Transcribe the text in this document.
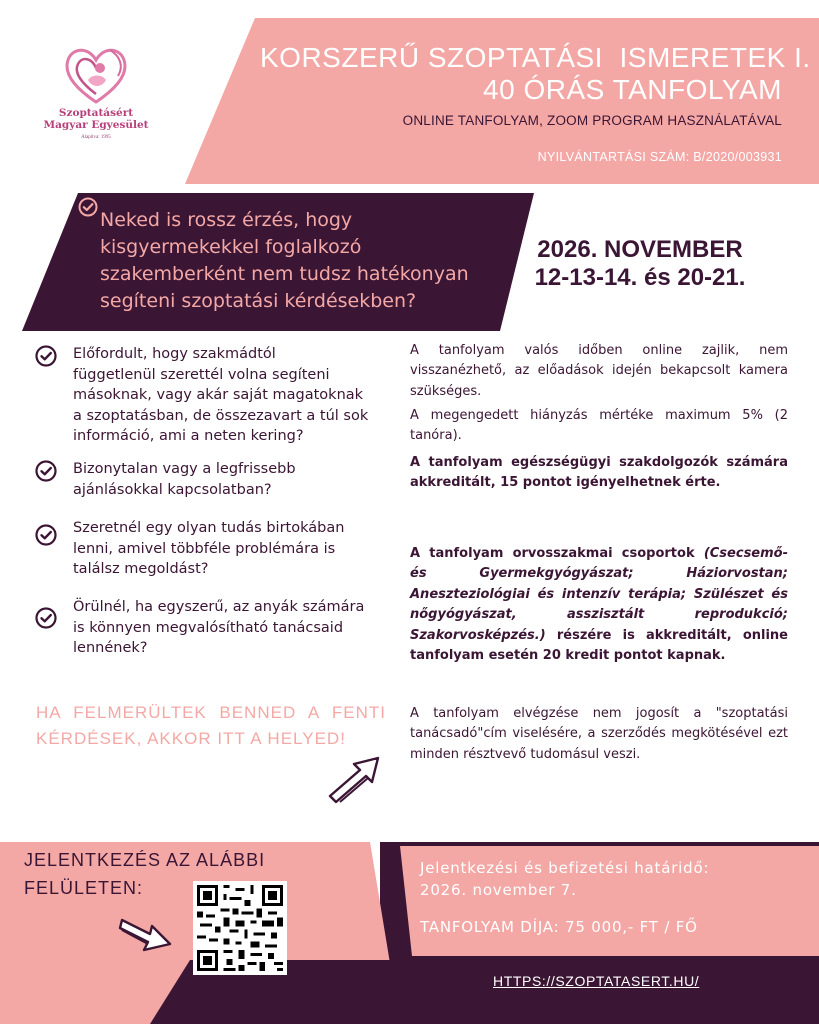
Szoptatásért
Magyar Egyesület
Alapítva: 1995
KORSZERŰ SZOPTATÁSI  ISMERETEK I.
40 ÓRÁS TANFOLYAM
ONLINE TANFOLYAM, ZOOM PROGRAM HASZNÁLATÁVAL
NYILVÁNTARTÁSI SZÁM: B/2020/003931
Neked is rossz érzés, hogy
kisgyermekekkel foglalkozó
szakemberként nem tudsz hatékonyan
segíteni szoptatási kérdésekben?
2026. NOVEMBER
12-13-14. és 20-21.
Előfordult, hogy szakmádtól
függetlenül szerettél volna segíteni
másoknak, vagy akár saját magatoknak
a szoptatásban, de összezavart a túl sok
információ, ami a neten kering?
Bizonytalan vagy a legfrissebb
ajánlásokkal kapcsolatban?
Szeretnél egy olyan tudás birtokában
lenni, amivel többféle problémára is
találsz megoldást?
Örülnél, ha egyszerű, az anyák számára
is könnyen megvalósítható tanácsaid
lennének?
HA FELMERÜLTEK BENNED A FENTI KÉRDÉSEK, AKKOR ITT A HELYED!
A tanfolyam valós időben online zajlik, nem visszanézhető, az előadások idején bekapcsolt kamera szükséges.
A megengedett hiányzás mértéke maximum 5% (2 tanóra).
A tanfolyam egészségügyi szakdolgozók számára akkreditált, 15 pontot igényelhetnek érte.
A tanfolyam orvosszakmai csoportok (Csecsemő- és Gyermekgyógyászat; Háziorvostan; Aneszteziológiai és intenzív terápia; Szülészet és nőgyógyászat, asszisztált reprodukció; Szakorvosképzés.) részére is akkreditált, online tanfolyam esetén 20 kredit pontot kapnak.
A tanfolyam elvégzése nem jogosít a "szoptatási tanácsadó"cím viselésére, a szerződés megkötésével ezt minden résztvevő tudomásul veszi.
JELENTKEZÉS AZ ALÁBBI
FELÜLETEN:
Jelentkezési és befizetési határidő:
2026. november 7.
TANFOLYAM DÍJA: 75 000,- FT / FŐ
HTTPS://SZOPTATASERT.HU/
